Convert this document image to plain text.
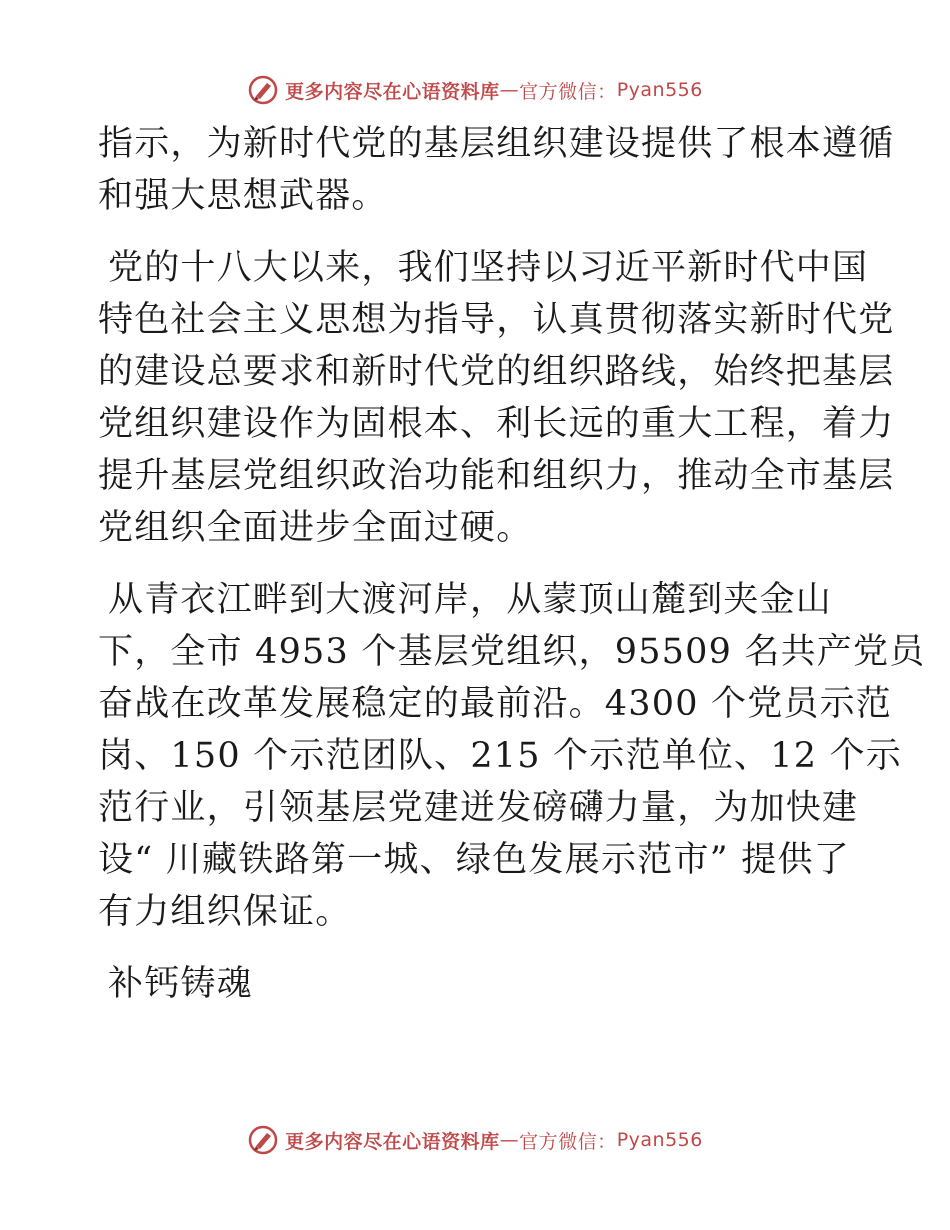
更多内容尽在心语资料库 — 官方微信： Pyan556
指示，为新时代党的基层组织建设提供了根本遵循
和强大思想武器。
党的十八大以来，我们坚持以习近平新时代中国
特色社会主义思想为指导，认真贯彻落实新时代党
的建设总要求和新时代党的组织路线，始终把基层
党组织建设作为固根本、利长远的重大工程，着力
提升基层党组织政治功能和组织力，推动全市基层
党组织全面进步全面过硬。
从青衣江畔到大渡河岸，从蒙顶山麓到夹金山
下，全市 4953 个基层党组织，95509 名共产党员
奋战在改革发展稳定的最前沿。4300 个党员示范
岗、150 个示范团队、215 个示范单位、12 个示
范行业，引领基层党建迸发磅礴力量，为加快建
设“ 川藏铁路第一城、绿色发展示范市” 提供了
有力组织保证。
补钙铸魂
更多内容尽在心语资料库 — 官方微信： Pyan556
